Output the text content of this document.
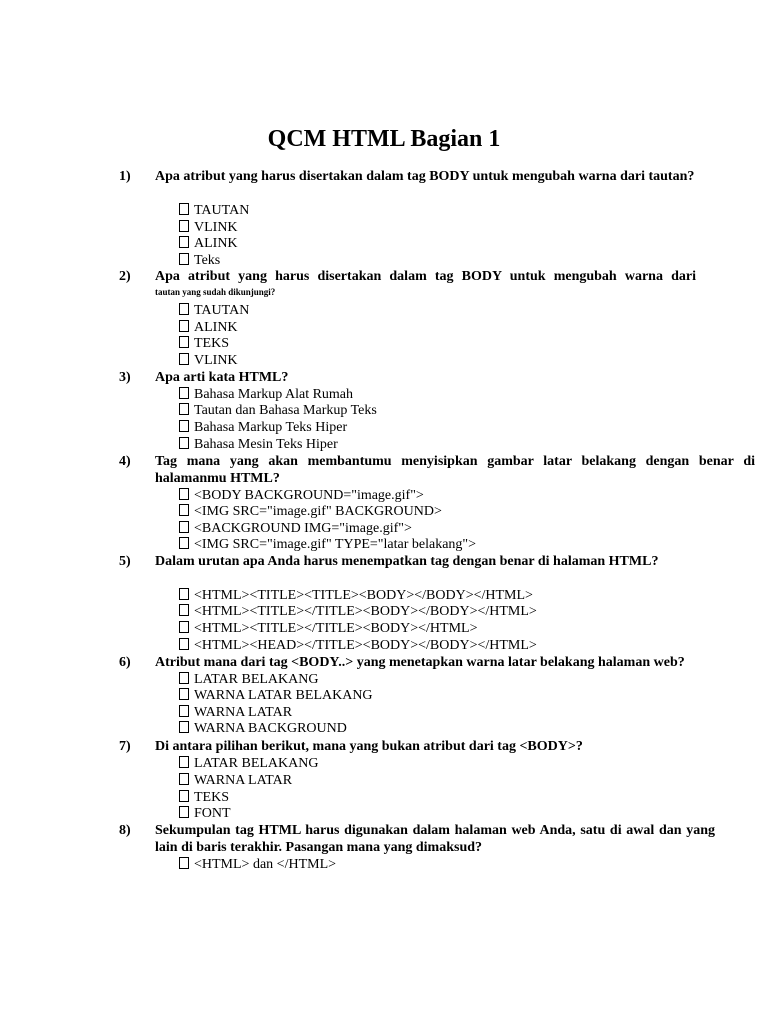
QCM HTML Bagian 1
1) Apa atribut yang harus disertakan dalam tag BODY untuk mengubah warna dari tautan?
TAUTAN
VLINK
ALINK
Teks
2) Apa atribut yang harus disertakan dalam tag BODY untuk mengubah warna dari
tautan yang sudah dikunjungi?
TAUTAN
ALINK
TEKS
VLINK
3) Apa arti kata HTML?
Bahasa Markup Alat Rumah
Tautan dan Bahasa Markup Teks
Bahasa Markup Teks Hiper
Bahasa Mesin Teks Hiper
4) Tag mana yang akan membantumu menyisipkan gambar latar belakang dengan benar di halamanmu HTML?
<BODY BACKGROUND="image.gif">
<IMG SRC="image.gif" BACKGROUND>
<BACKGROUND IMG="image.gif">
<IMG SRC="image.gif" TYPE="latar belakang">
5) Dalam urutan apa Anda harus menempatkan tag dengan benar di halaman HTML?
<HTML><TITLE><TITLE><BODY></BODY></HTML>
<HTML><TITLE></TITLE><BODY></BODY></HTML>
<HTML><TITLE></TITLE><BODY></HTML>
<HTML><HEAD></TITLE><BODY></BODY></HTML>
6) Atribut mana dari tag <BODY..> yang menetapkan warna latar belakang halaman web?
LATAR BELAKANG
WARNA LATAR BELAKANG
WARNA LATAR
WARNA BACKGROUND
7) Di antara pilihan berikut, mana yang bukan atribut dari tag <BODY>?
LATAR BELAKANG
WARNA LATAR
TEKS
FONT
8) Sekumpulan tag HTML harus digunakan dalam halaman web Anda, satu di awal dan yang lain di baris terakhir. Pasangan mana yang dimaksud?
<HTML> dan </HTML>
